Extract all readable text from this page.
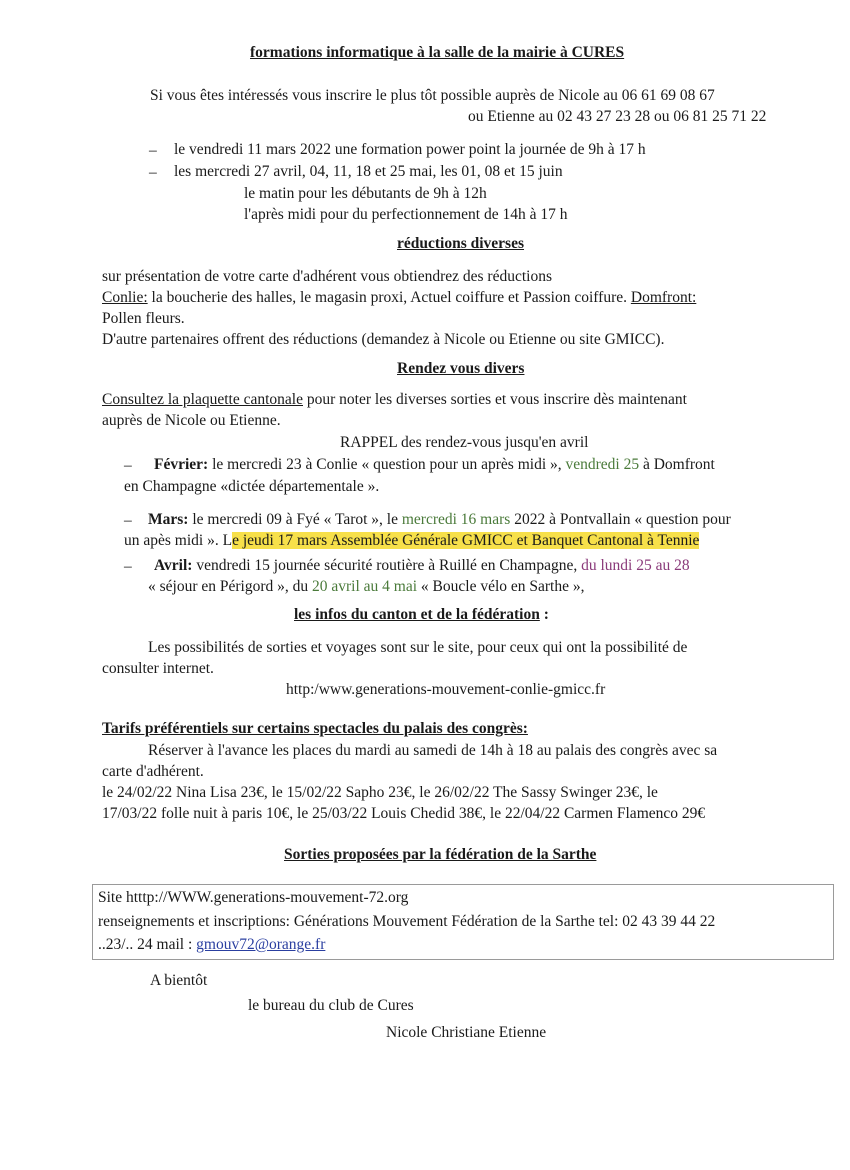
formations informatique à la salle de la mairie à CURES
Si vous êtes intéressés vous inscrire le plus tôt possible auprès de Nicole au 06 61 69 08 67
ou Etienne au 02 43 27 23 28 ou 06 81 25 71 22
– le vendredi 11 mars 2022 une formation power point la journée de 9h à 17 h
– les mercredi 27 avril, 04, 11, 18 et 25 mai, les 01, 08 et 15 juin
le matin pour les débutants de 9h à 12h
l'après midi pour du perfectionnement de 14h à 17 h
réductions diverses
sur présentation de votre carte d'adhérent vous obtiendrez des réductions
Conlie: la boucherie des halles, le magasin proxi, Actuel coiffure et Passion coiffure. Domfront:
Pollen fleurs.
D'autre partenaires offrent des réductions (demandez à Nicole ou Etienne ou site GMICC).
Rendez vous divers
Consultez la plaquette cantonale pour noter les diverses sorties et vous inscrire dès maintenant
auprès de Nicole ou Etienne.
RAPPEL des rendez-vous jusqu'en avril
– Février: le mercredi 23 à Conlie « question pour un après midi », vendredi 25 à Domfront
en Champagne «dictée départementale ».
– Mars: le mercredi 09 à Fyé « Tarot », le mercredi 16 mars 2022 à Pontvallain « question pour
un apès midi ». Le jeudi 17 mars Assemblée Générale GMICC et Banquet Cantonal à Tennie
– Avril: vendredi 15 journée sécurité routière à Ruillé en Champagne, du lundi 25 au 28
« séjour en Périgord », du 20 avril au 4 mai « Boucle vélo en Sarthe »,
les infos du canton et de la fédération :
Les possibilités de sorties et voyages sont sur le site, pour ceux qui ont la possibilité de
consulter internet.
http:/www.generations-mouvement-conlie-gmicc.fr
Tarifs préférentiels sur certains spectacles du palais des congrès:
Réserver à l'avance les places du mardi au samedi de 14h à 18 au palais des congrès avec sa
carte d'adhérent.
le 24/02/22 Nina Lisa 23€, le 15/02/22 Sapho 23€, le 26/02/22 The Sassy Swinger 23€, le
17/03/22 folle nuit à paris 10€, le 25/03/22 Louis Chedid 38€, le 22/04/22 Carmen Flamenco 29€
Sorties proposées par la fédération de la Sarthe
Site htttp://WWW.generations-mouvement-72.org
renseignements et inscriptions: Générations Mouvement Fédération de la Sarthe tel: 02 43 39 44 22
..23/.. 24 mail : gmouv72@orange.fr
A bientôt
le bureau du club de Cures
Nicole Christiane Etienne
